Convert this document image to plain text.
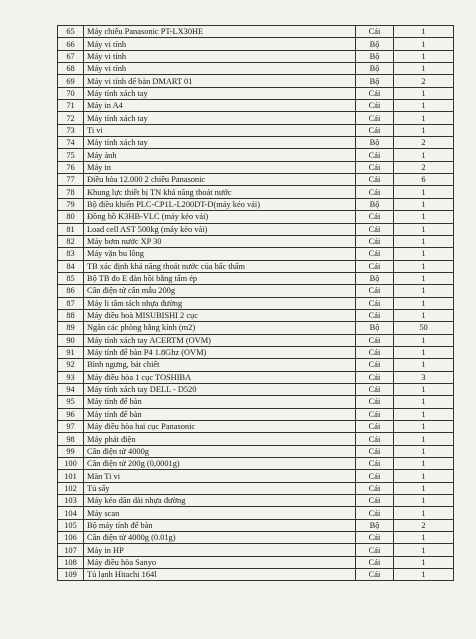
65	Máy chiếu Panasonic PT-LX30HE	Cái	1
66	Máy vi tính	Bộ	1
67	Máy vi tính	Bộ	1
68	Máy vi tính	Bộ	1
69	Máy vi tính để bàn DMART 01	Bộ	2
70	Máy tính xách tay	Cái	1
71	Máy in A4	Cái	1
72	Máy tính xách tay	Cái	1
73	Ti vi	Cái	1
74	Máy tính xách tay	Bộ	2
75	Máy ảnh	Cái	1
76	Máy in	Cái	2
77	Điều hòa 12.000 2 chiều Panasonic	Cái	6
78	Khung lực thiết bị TN khả năng thoát nước	Cái	1
79	Bộ điều khiển PLC-CP1L-L200DT-D(máy kéo vải)	Bộ	1
80	Đồng hồ K3HB-VLC (máy kéo vải)	Cái	1
81	Load cell AST 500kg (máy kéo vải)	Cái	1
82	Máy bơm nước XP 30	Cái	1
83	Máy vặn bu lông	Cái	1
84	TB xác định khả năng thoát nước của bấc thấm	Cái	1
85	Bộ TB đo E đàn hồi bằng tấm ép	Bộ	1
86	Cân điện tử cân mẫu 200g	Cái	1
87	Máy li tâm tách nhựa đường	Cái	1
88	Máy điều hoà MISUBISHI 2 cục	Cái	1
89	Ngăn các phòng bằng kính (m2)	Bộ	50
90	Máy tính xách tay ACERTM (OVM)	Cái	1
91	Máy tính để bàn P4 1.8Ghz (OVM)	Cái	1
92	Bình ngưng, bát chiết	Cái	1
93	Máy điều hòa 1 cục TOSHIBA	Cái	3
94	Máy tính xách tay DELL - D520	Cái	1
95	Máy tính để bàn	Cái	1
96	Máy tính để bàn	Cái	1
97	Máy điều hòa hai cục Panasonic	Cái	1
98	Máy phát điện	Cái	1
99	Cân điện tử 4000g	Cái	1
100	Cân điện tử 200g (0,0001g)	Cái	1
101	Màn Ti vi	Cái	1
102	Tủ sấy	Cái	1
103	Máy kéo dãn dài nhựa đường	Cái	1
104	Máy scan	Cái	1
105	Bộ máy tính để bàn	Bộ	2
106	Cân điện tử 4000g (0.01g)	Cái	1
107	Máy in HP	Cái	1
108	Máy điều hòa Sanyo	Cái	1
109	Tủ lạnh Hitachi 164l	Cái	1
